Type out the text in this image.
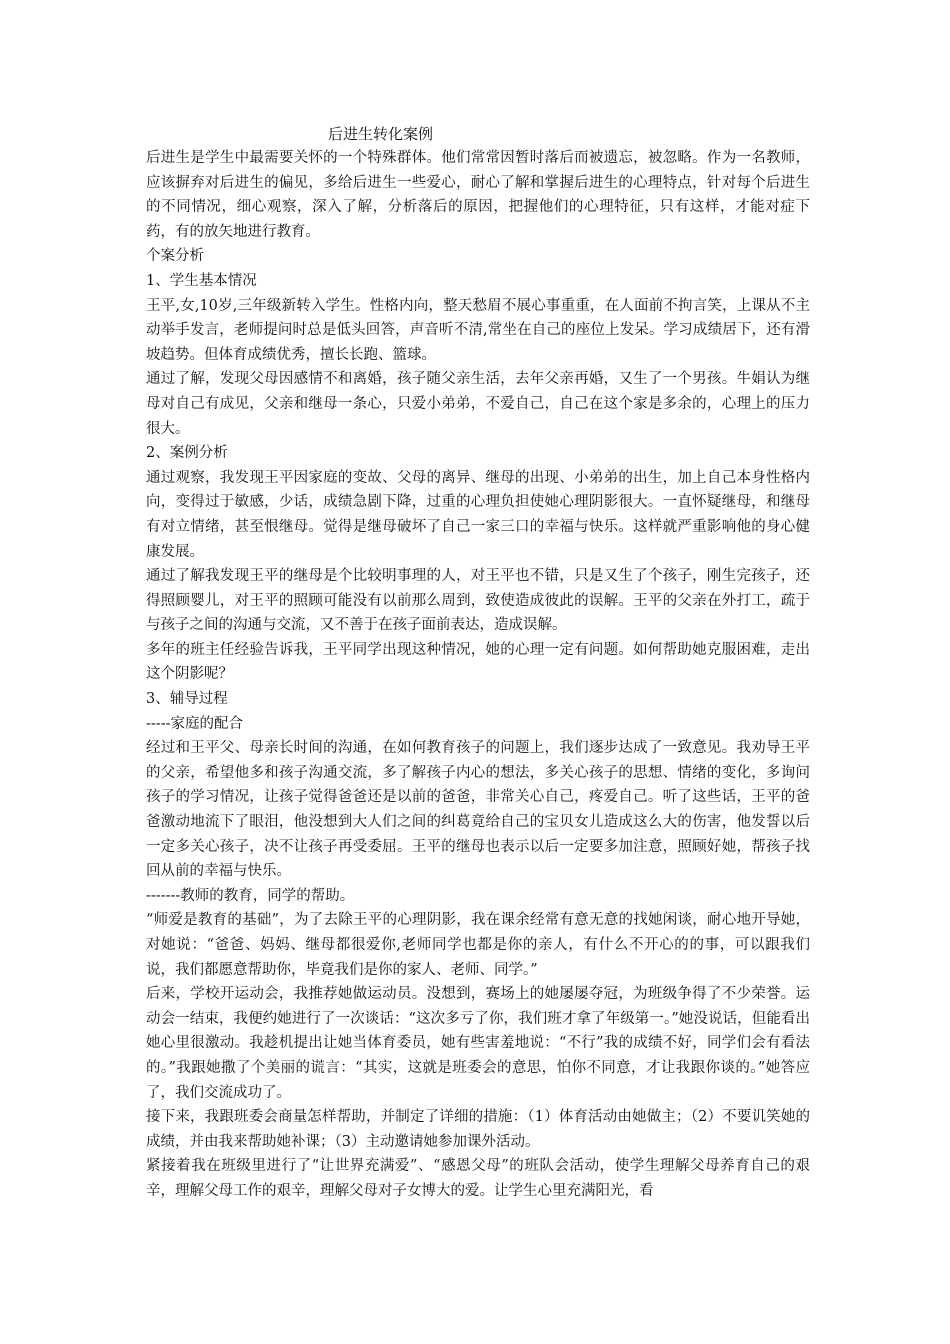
后进生转化案例

后进生是学生中最需要关怀的一个特殊群体。他们常常因暂时落后而被遗忘，被忽略。作为一名教师，应该摒弃对后进生的偏见，多给后进生一些爱心，耐心了解和掌握后进生的心理特点，针对每个后进生的不同情况，细心观察，深入了解，分析落后的原因，把握他们的心理特征，只有这样，才能对症下药，有的放矢地进行教育。

个案分析

1、学生基本情况

王平,女,10岁,三年级新转入学生。性格内向，整天愁眉不展心事重重，在人面前不拘言笑，上课从不主动举手发言，老师提问时总是低头回答，声音听不清,常坐在自己的座位上发呆。学习成绩居下，还有滑坡趋势。但体育成绩优秀，擅长长跑、篮球。

通过了解，发现父母因感情不和离婚，孩子随父亲生活，去年父亲再婚，又生了一个男孩。牛娟认为继母对自己有成见，父亲和继母一条心，只爱小弟弟，不爱自己，自己在这个家是多余的，心理上的压力很大。

2、案例分析

通过观察，我发现王平因家庭的变故、父母的离异、继母的出现、小弟弟的出生，加上自己本身性格内向，变得过于敏感，少话，成绩急剧下降，过重的心理负担使她心理阴影很大。一直怀疑继母，和继母有对立情绪，甚至恨继母。觉得是继母破坏了自己一家三口的幸福与快乐。这样就严重影响他的身心健康发展。

通过了解我发现王平的继母是个比较明事理的人，对王平也不错，只是又生了个孩子，刚生完孩子，还得照顾婴儿，对王平的照顾可能没有以前那么周到，致使造成彼此的误解。王平的父亲在外打工，疏于与孩子之间的沟通与交流，又不善于在孩子面前表达，造成误解。

多年的班主任经验告诉我，王平同学出现这种情况，她的心理一定有问题。如何帮助她克服困难，走出这个阴影呢？

3、辅导过程

-----家庭的配合

经过和王平父、母亲长时间的沟通，在如何教育孩子的问题上，我们逐步达成了一致意见。我劝导王平的父亲，希望他多和孩子沟通交流，多了解孩子内心的想法，多关心孩子的思想、情绪的变化，多询问孩子的学习情况，让孩子觉得爸爸还是以前的爸爸，非常关心自己，疼爱自己。听了这些话，王平的爸爸激动地流下了眼泪，他没想到大人们之间的纠葛竟给自己的宝贝女儿造成这么大的伤害，他发誓以后一定多关心孩子，决不让孩子再受委屈。王平的继母也表示以后一定要多加注意，照顾好她，帮孩子找回从前的幸福与快乐。

-------教师的教育，同学的帮助。

“师爱是教育的基础”，为了去除王平的心理阴影，我在课余经常有意无意的找她闲谈，耐心地开导她，对她说：“爸爸、妈妈、继母都很爱你,老师同学也都是你的亲人，有什么不开心的的事，可以跟我们说，我们都愿意帮助你，毕竟我们是你的家人、老师、同学。”

后来，学校开运动会，我推荐她做运动员。没想到，赛场上的她屡屡夺冠，为班级争得了不少荣誉。运动会一结束，我便约她进行了一次谈话：“这次多亏了你，我们班才拿了年级第一。”她没说话，但能看出她心里很激动。我趁机提出让她当体育委员，她有些害羞地说：“不行”我的成绩不好，同学们会有看法的。”我跟她撒了个美丽的谎言：“其实，这就是班委会的意思，怕你不同意，才让我跟你谈的。”她答应了，我们交流成功了。

接下来，我跟班委会商量怎样帮助，并制定了详细的措施：（1）体育活动由她做主；（2）不要讥笑她的成绩，并由我来帮助她补课；（3）主动邀请她参加课外活动。

紧接着我在班级里进行了“让世界充满爱”、“感恩父母”的班队会活动，使学生理解父母养育自己的艰辛，理解父母工作的艰辛，理解父母对子女博大的爱。让学生心里充满阳光，看
